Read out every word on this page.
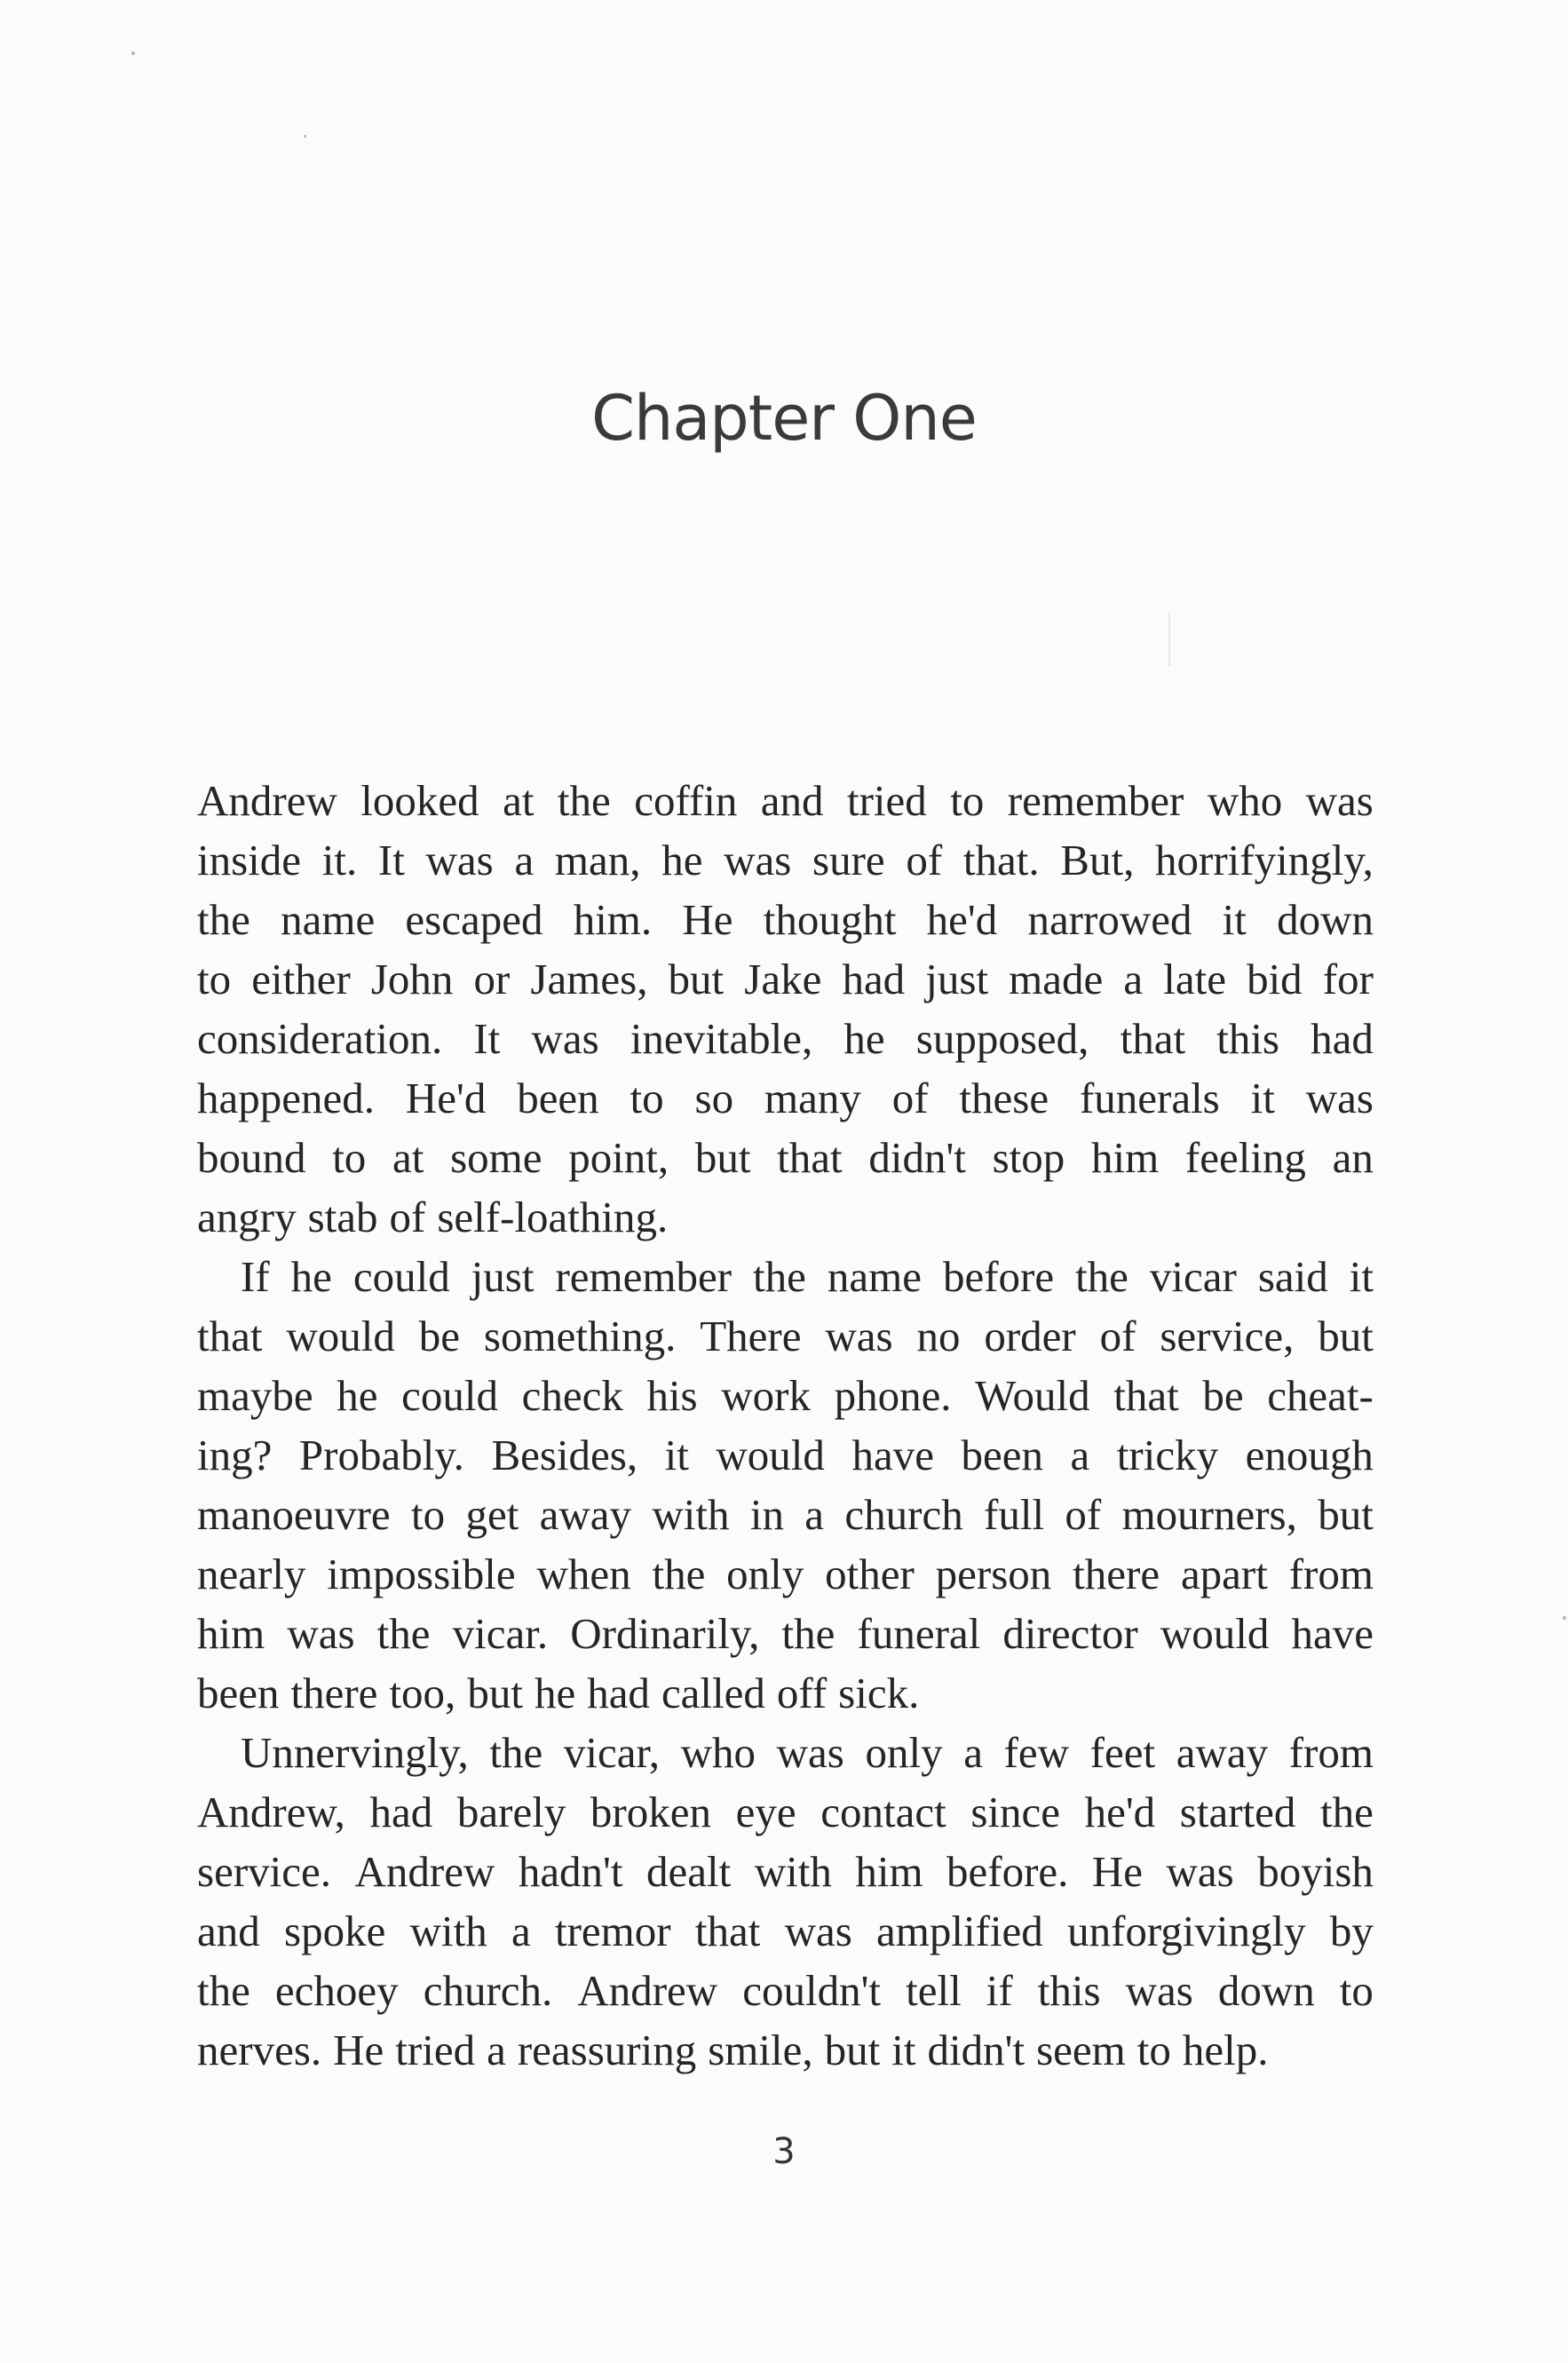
Chapter One
Andrew looked at the coffin and tried to remember who was
inside it. It was a man, he was sure of that. But, horrifyingly,
the name escaped him. He thought he'd narrowed it down
to either John or James, but Jake had just made a late bid for
consideration. It was inevitable, he supposed, that this had
happened. He'd been to so many of these funerals it was
bound to at some point, but that didn't stop him feeling an
angry stab of self-loathing.
If he could just remember the name before the vicar said it
that would be something. There was no order of service, but
maybe he could check his work phone. Would that be cheat-
ing? Probably. Besides, it would have been a tricky enough
manoeuvre to get away with in a church full of mourners, but
nearly impossible when the only other person there apart from
him was the vicar. Ordinarily, the funeral director would have
been there too, but he had called off sick.
Unnervingly, the vicar, who was only a few feet away from
Andrew, had barely broken eye contact since he'd started the
service. Andrew hadn't dealt with him before. He was boyish
and spoke with a tremor that was amplified unforgivingly by
the echoey church. Andrew couldn't tell if this was down to
nerves. He tried a reassuring smile, but it didn't seem to help.
3
